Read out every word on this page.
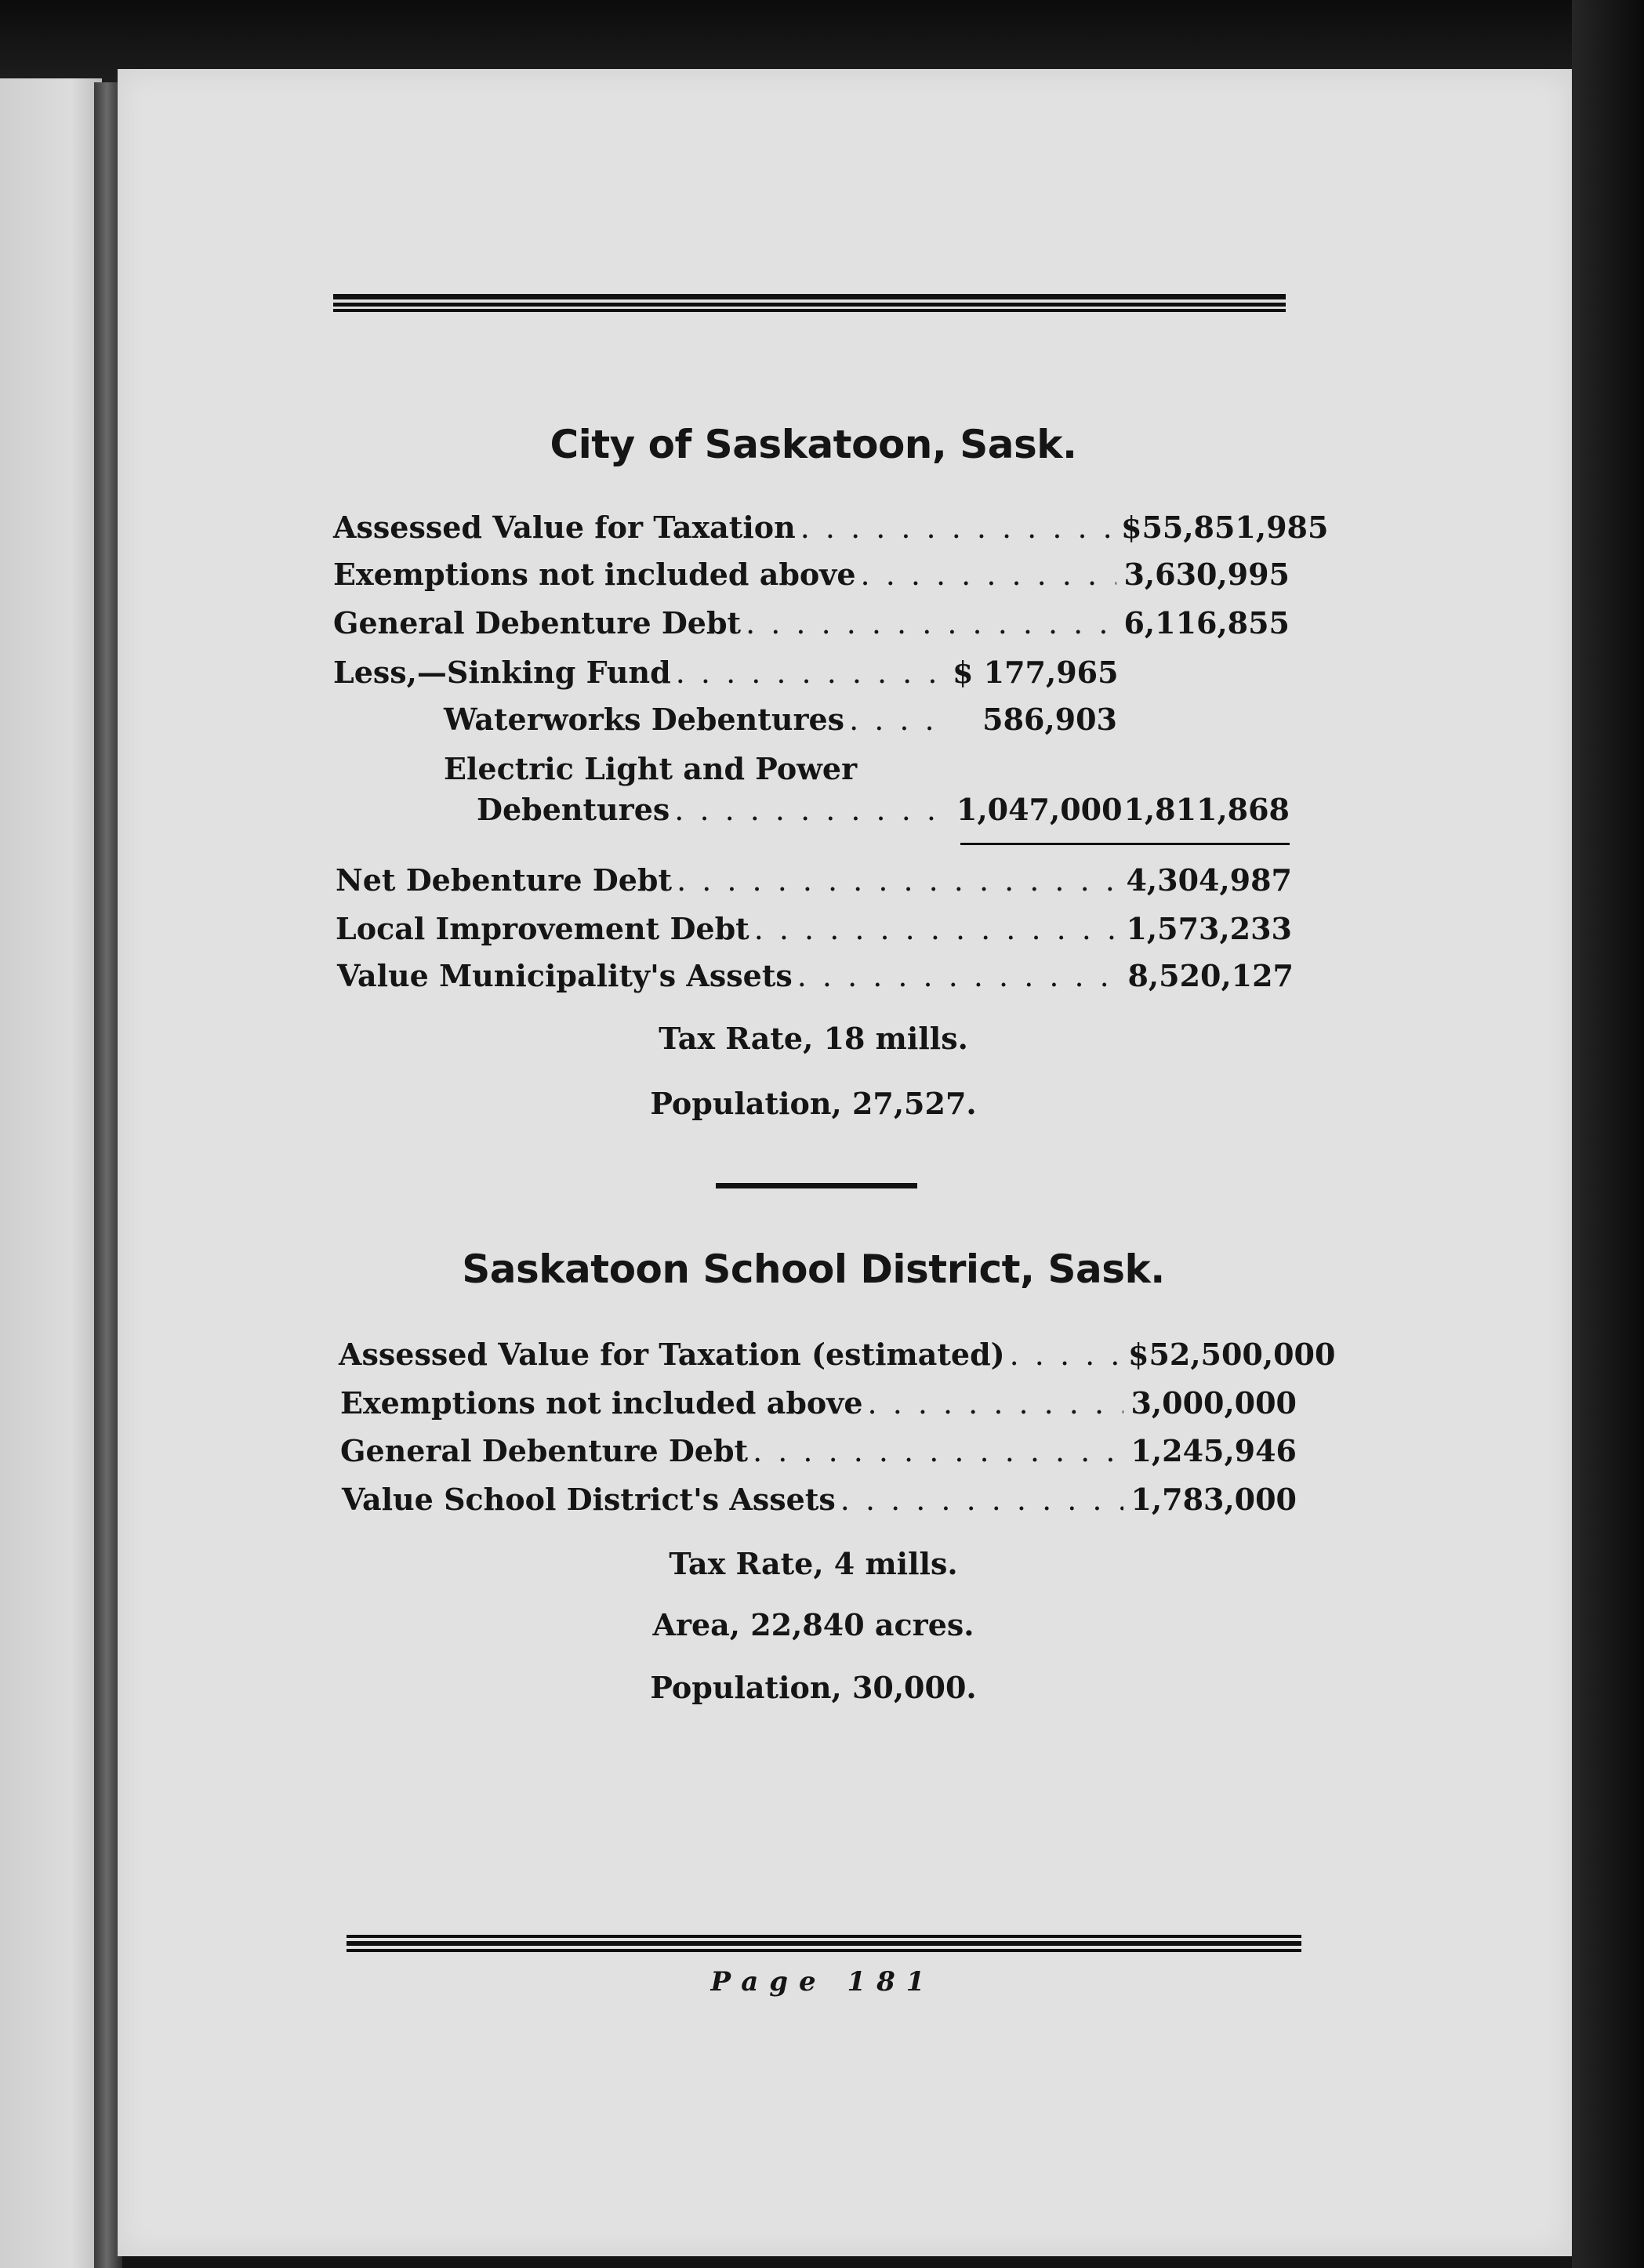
City of Saskatoon, Sask.
Assessed Value for Taxation . . .	$55,851,985
Exemptions not included above . . .	3,630,995
General Debenture Debt . . .	6,116,855
Less,—Sinking Fund . . .	$ 177,965
Waterworks Debentures . . .	586,903
Electric Light and Power
Debentures . . .	1,047,000 1,811,868
Net Debenture Debt . . .	4,304,987
Local Improvement Debt . . .	1,573,233
Value Municipality's Assets . . .	8,520,127
Tax Rate, 18 mills.
Population, 27,527.
Saskatoon School District, Sask.
Assessed Value for Taxation (estimated) . . .	$52,500,000
Exemptions not included above . . .	3,000,000
General Debenture Debt . . .	1,245,946
Value School District's Assets . . .	1,783,000
Tax Rate, 4 mills.
Area, 22,840 acres.
Population, 30,000.
Page 181
